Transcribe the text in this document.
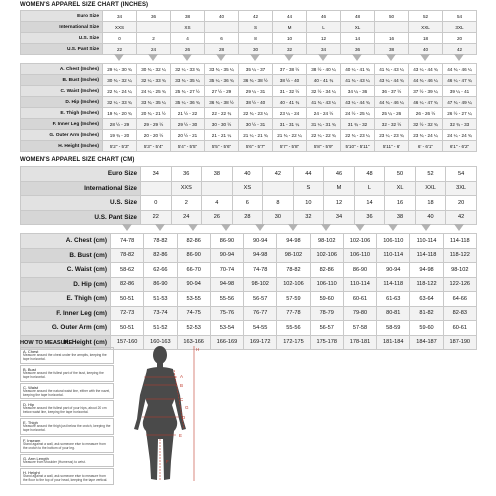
WOMEN'S APPAREL SIZE CHART (INCHES)
Euro Size	34	36	38	40	42	44	46	48	50	52	54
International Size	XXS		XS		S	M	L	XL		XXL	3XL
U.S. Size	0	2	4	6	8	10	12	14	16	18	20
U.S. Pant Size	22	24	26	28	30	32	34	36	38	40	42
A. Chest (Inches)	29 ¼ - 30 ¾	30 ¾ - 32 ¼	32 ¼ - 33 ¾	33 ¾ - 35 ¼	35 ¼ - 37	37 - 38 ½	38 ½ - 40 ¼	40 ¼ - 41 ¾	41 ¾ - 43 ¼	43 ¼ - 44 ¾	44 ¾ - 46 ¼
B. Bust (Inches)	30 ¾ - 32 ¼	32 ¼ - 33 ¾	33 ¾ - 35 ¼	35 ¼ - 36 ¾	36 ¾ - 38 ½	38 ½ - 40	40 - 41 ¾	41 ¾ - 43 ¼	43 ¼ - 44 ¾	44 ¾ - 46 ¼	46 ¼ - 47 ¾
C. Waist (Inches)	22 ¾ - 24 ¼	24 ¼ - 25 ¾	25 ¾ - 27 ½	27 ½ - 29	29 ¼ - 31	31 - 32 ½	32 ½ - 34 ¼	34 ¼ - 36	36 - 37 ½	37 ½ - 39 ¼	39 ¼ - 41
D. Hip (Inches)	32 ¼ - 33 ¾	33 ¾ - 35 ¼	35 ¼ - 36 ¾	36 ¾ - 38 ½	38 ½ - 40	40 - 41 ¾	41 ¾ - 43 ¼	43 ¼ - 44 ¾	44 ¾ - 46 ¼	46 ¼ - 47 ¾	47 ¾ - 49 ¼
E. Thigh (Inches)	19 ¾ - 20 ¾	20 ¾ - 21 ½	21 ½ - 22	22 - 22 ¾	22 ¾ - 23 ¼	23 ¼ - 24	24 - 24 ½	24 ½ - 25 ¼	25 ¼ - 26	26 - 26 ½	26 ½ - 27 ¼
F. Inner Leg (Inches)	28 ½ - 29	29 - 29 ½	29 ½ - 30	30 - 30 ½	30 ½ - 31	31 - 31 ¼	31 ¼ - 31 ¾	31 ¾ - 32	32 - 32 ½	32 ½ - 32 ¾	32 ¾ - 33
G. Outer Arm (Inches)	19 ¾ - 20	20 - 20 ½	20 ½ - 21	21 - 21 ¼	21 ¼ - 21 ¾	21 ¾ - 22 ¼	22 ¼ - 22 ¾	22 ¾ - 23 ¼	23 ¼ - 23 ¾	23 ¾ - 24 ¼	24 ¼ - 24 ¾
H. Height (Inches)	5'2" - 5'3"	5'3" - 5'4"	5'4" - 5'5"	5'5" - 5'6"	5'6" - 5'7"	5'7" - 5'8"	5'8" - 5'9"	5'10" - 5'11"	5'11" - 6'	6' - 6'1"	6'1" - 6'2"
WOMEN'S APPAREL SIZE CHART (CM)
Euro Size	34	36	38	40	42	44	46	48	50	52	54
International Size		XXS		XS		S	M	L	XL	XXL	3XL
U.S. Size	0	2	4	6	8	10	12	14	16	18	20
U.S. Pant Size	22	24	26	28	30	32	34	36	38	40	42
A. Chest (cm)	74-78	78-82	82-86	86-90	90-94	94-98	98-102	102-106	106-110	110-114	114-118
B. Bust (cm)	78-82	82-86	86-90	90-94	94-98	98-102	102-106	106-110	110-114	114-118	118-122
C. Waist (cm)	58-62	62-66	66-70	70-74	74-78	78-82	82-86	86-90	90-94	94-98	98-102
D. Hip (cm)	82-86	86-90	90-94	94-98	98-102	102-106	106-110	110-114	114-118	118-122	122-126
E. Thigh (cm)	50-51	51-53	53-55	55-56	56-57	57-59	59-60	60-61	61-63	63-64	64-66
F. Inner Leg (cm)	72-73	73-74	74-75	75-76	76-77	77-78	78-79	79-80	80-81	81-82	82-83
G. Outer Arm (cm)	50-51	51-52	52-53	53-54	54-55	55-56	56-57	57-58	58-59	59-60	60-61
H. Height (cm)	157-160	160-163	163-166	166-169	169-172	172-175	175-178	178-181	181-184	184-187	187-190
HOW TO MEASURE
A. Chest
Measure around the chest under the armpits, keeping the tape horizontal.
B. Bust
Measure around the fullest part of the bust, keeping the tape horizontal.
C. Waist
Measure around the natural waist line, either with the navel, keeping the tape horizontal.
D. Hip
Measure around the fullest part of your hips, about 20 cm below waist line, keeping the tape horizontal.
E. Thigh
Measure around the thigh just below the crotch, keeping the tape horizontal.
F. Inseam
Stand against a wall, ask someone else to measure from the crotch to the bottom of your leg.
G. Arm Length
Measure from shoulder (Humerus) to wrist.
H. Height
Stand against a wall, ask someone else to measure from the floor to the top of your head, keeping the tape vertical.
H
A
B
C
G
D
E
F
